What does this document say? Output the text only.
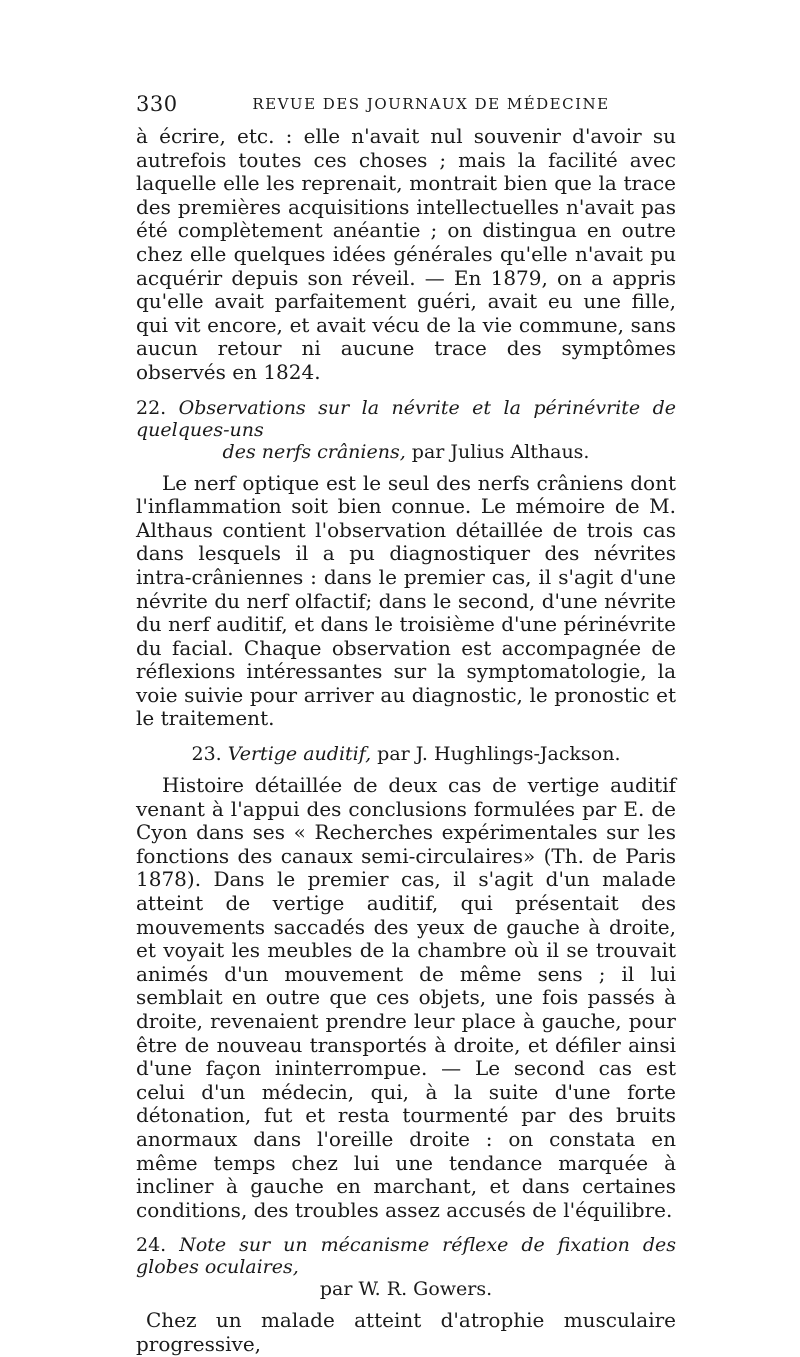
330	REVUE DES JOURNAUX DE MÉDECINE

à écrire, etc. : elle n'avait nul souvenir d'avoir su autrefois toutes ces choses ; mais la facilité avec laquelle elle les reprenait, montrait bien que la trace des premières acquisitions intellectuelles n'avait pas été complètement anéantie ; on distingua en outre chez elle quelques idées générales qu'elle n'avait pu acquérir depuis son réveil. — En 1879, on a appris qu'elle avait parfaitement guéri, avait eu une fille, qui vit encore, et avait vécu de la vie commune, sans aucun retour ni aucune trace des symptômes observés en 1824.

22. Observations sur la névrite et la périnévrite de quelques-uns
des nerfs crâniens, par Julius Althaus.

Le nerf optique est le seul des nerfs crâniens dont l'inflammation soit bien connue. Le mémoire de M. Althaus contient l'observation détaillée de trois cas dans lesquels il a pu diagnostiquer des névrites intra-crâniennes : dans le premier cas, il s'agit d'une névrite du nerf olfactif; dans le second, d'une névrite du nerf auditif, et dans le troisième d'une périnévrite du facial. Chaque observation est accompagnée de réflexions intéressantes sur la symptomatologie, la voie suivie pour arriver au diagnostic, le pronostic et le traitement.

23. Vertige auditif, par J. Hughlings-Jackson.

Histoire détaillée de deux cas de vertige auditif venant à l'appui des conclusions formulées par E. de Cyon dans ses « Recherches expérimentales sur les fonctions des canaux semi-circulaires» (Th. de Paris 1878). Dans le premier cas, il s'agit d'un malade atteint de vertige auditif, qui présentait des mouvements saccadés des yeux de gauche à droite, et voyait les meubles de la chambre où il se trouvait animés d'un mouvement de même sens ; il lui semblait en outre que ces objets, une fois passés à droite, revenaient prendre leur place à gauche, pour être de nouveau transportés à droite, et défiler ainsi d'une façon ininterrompue. — Le second cas est celui d'un médecin, qui, à la suite d'une forte détonation, fut et resta tourmenté par des bruits anormaux dans l'oreille droite : on constata en même temps chez lui une tendance marquée à incliner à gauche en marchant, et dans certaines conditions, des troubles assez accusés de l'équilibre.

24. Note sur un mécanisme réflexe de fixation des globes oculaires,
par W. R. Gowers.

Chez un malade atteint d'atrophie musculaire progressive,
